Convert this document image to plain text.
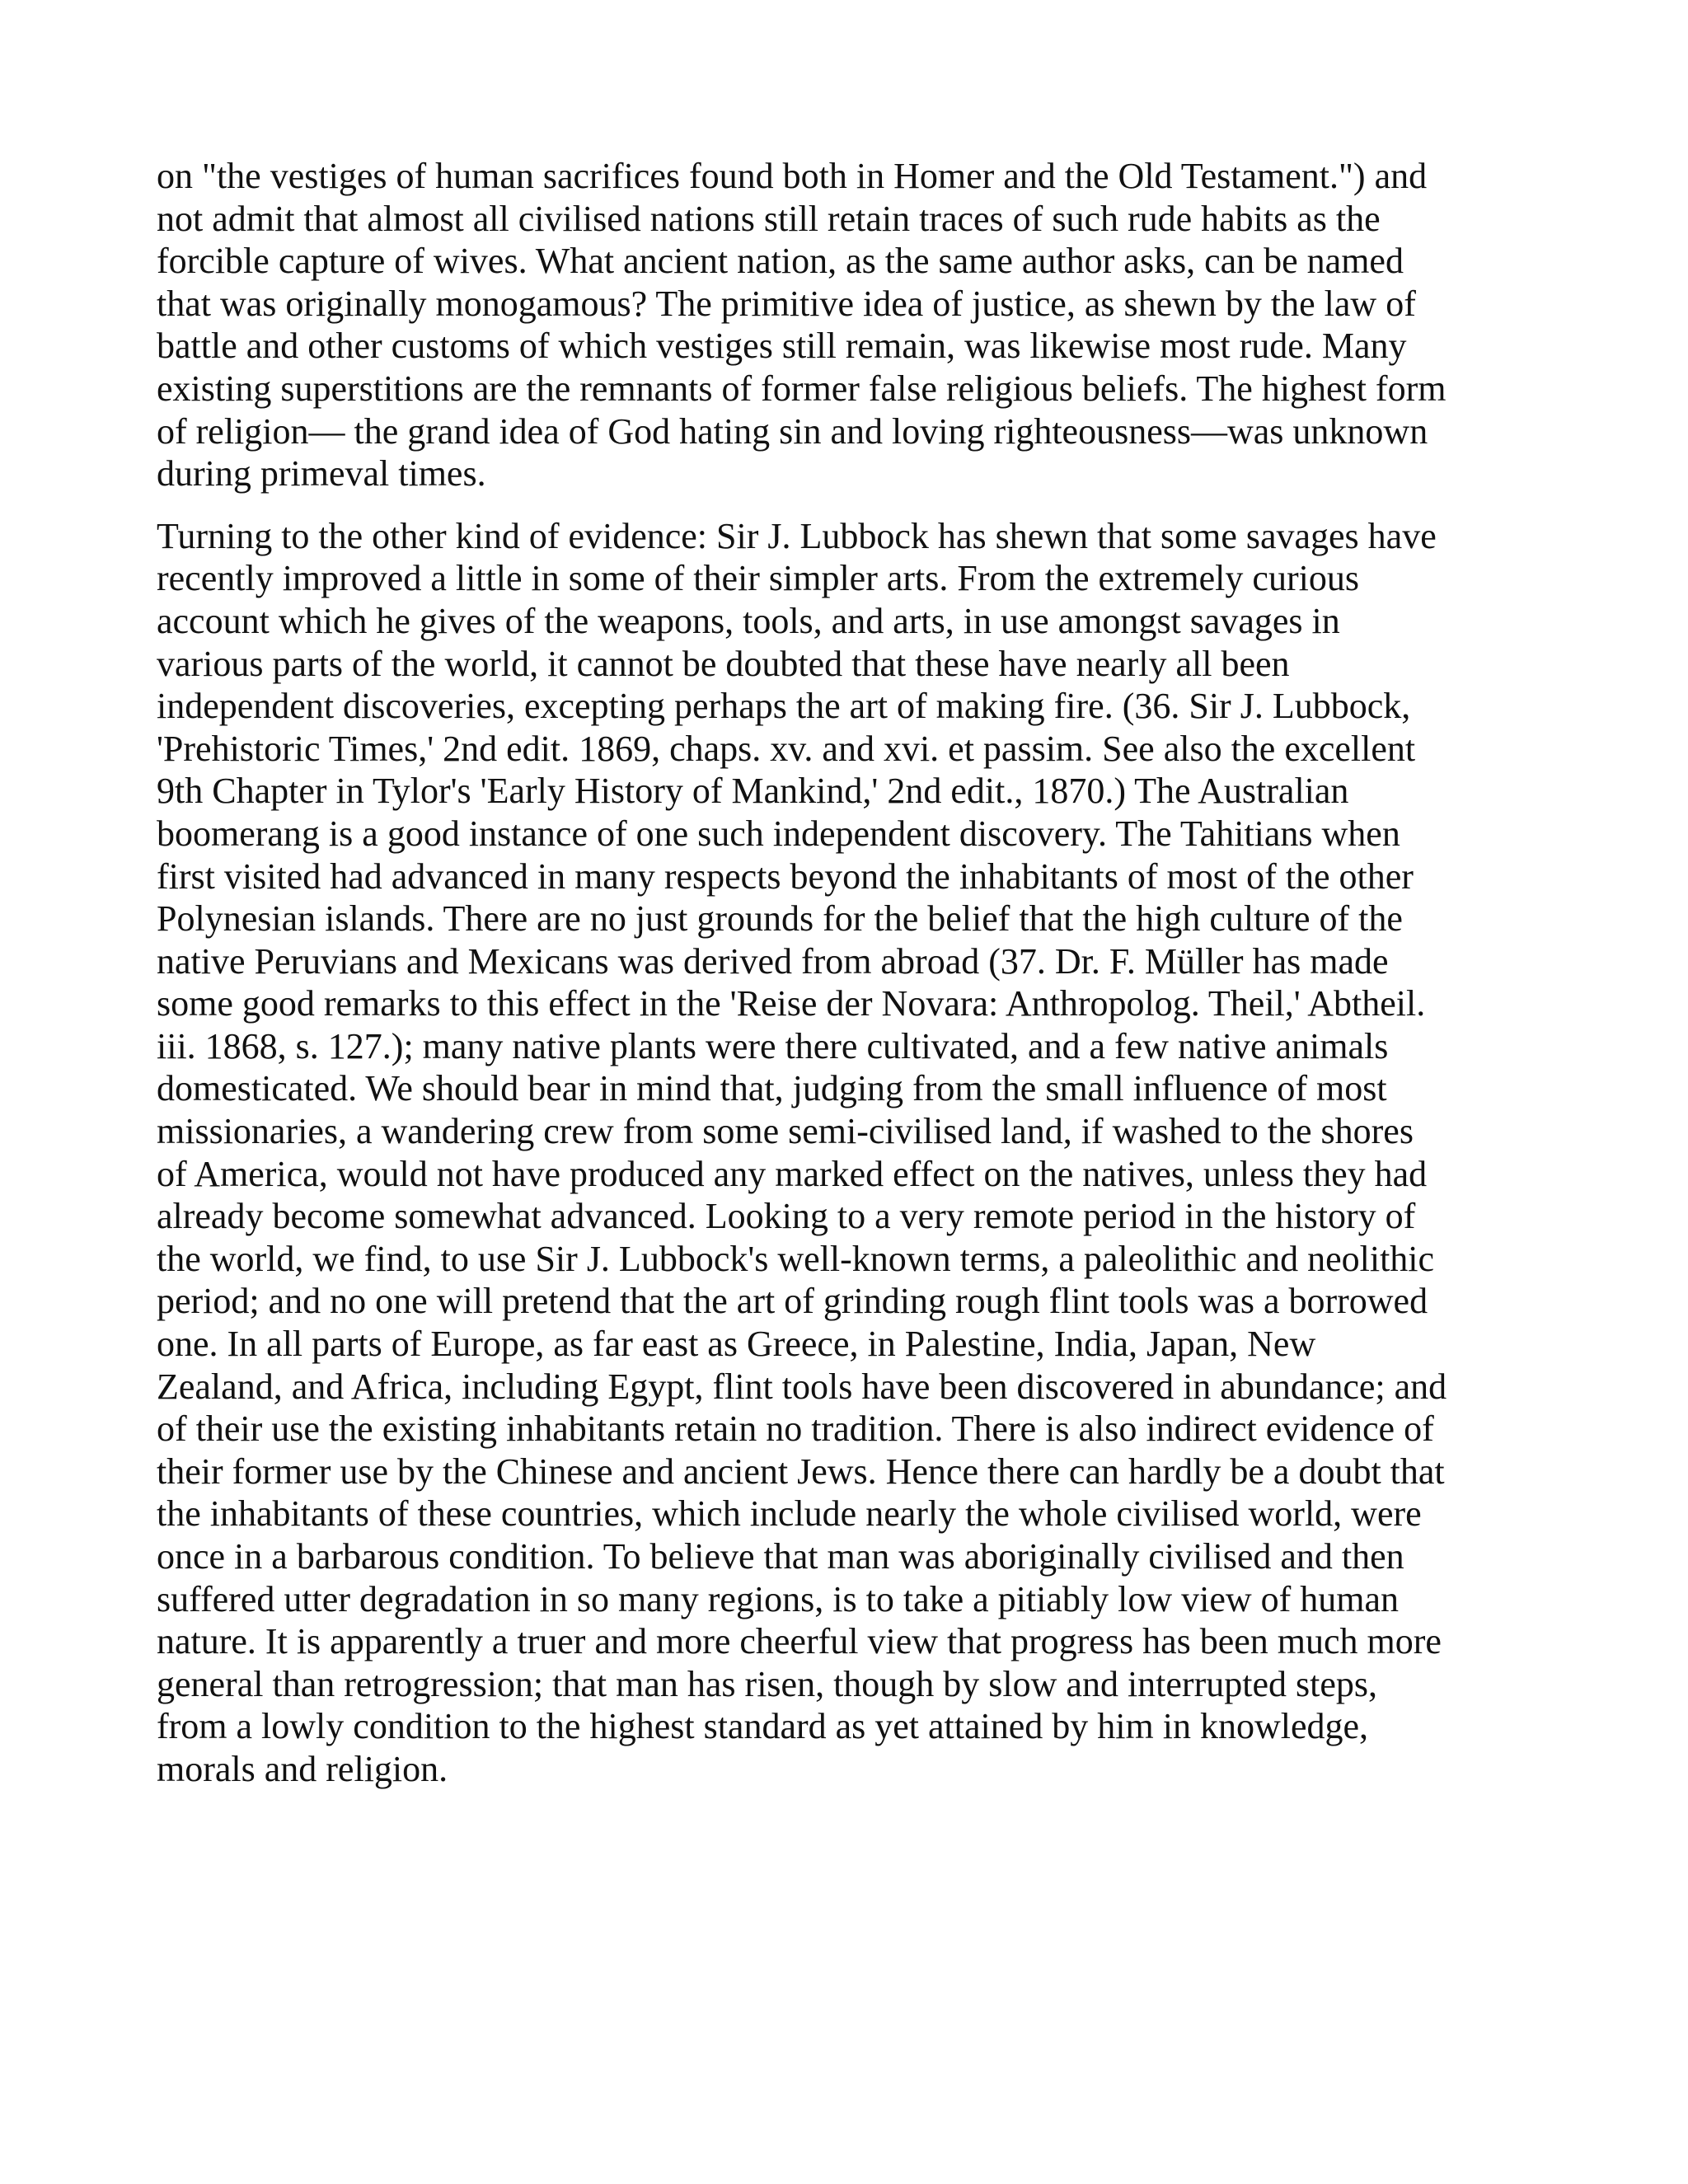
on "the vestiges of human sacrifices found both in Homer and the Old Testament.") and
not admit that almost all civilised nations still retain traces of such rude habits as the
forcible capture of wives. What ancient nation, as the same author asks, can be named
that was originally monogamous? The primitive idea of justice, as shewn by the law of
battle and other customs of which vestiges still remain, was likewise most rude. Many
existing superstitions are the remnants of former false religious beliefs. The highest form
of religion— the grand idea of God hating sin and loving righteousness—was unknown
during primeval times.

Turning to the other kind of evidence: Sir J. Lubbock has shewn that some savages have
recently improved a little in some of their simpler arts. From the extremely curious
account which he gives of the weapons, tools, and arts, in use amongst savages in
various parts of the world, it cannot be doubted that these have nearly all been
independent discoveries, excepting perhaps the art of making fire. (36. Sir J. Lubbock,
'Prehistoric Times,' 2nd edit. 1869, chaps. xv. and xvi. et passim. See also the excellent
9th Chapter in Tylor's 'Early History of Mankind,' 2nd edit., 1870.) The Australian
boomerang is a good instance of one such independent discovery. The Tahitians when
first visited had advanced in many respects beyond the inhabitants of most of the other
Polynesian islands. There are no just grounds for the belief that the high culture of the
native Peruvians and Mexicans was derived from abroad (37. Dr. F. Müller has made
some good remarks to this effect in the 'Reise der Novara: Anthropolog. Theil,' Abtheil.
iii. 1868, s. 127.); many native plants were there cultivated, and a few native animals
domesticated. We should bear in mind that, judging from the small influence of most
missionaries, a wandering crew from some semi-civilised land, if washed to the shores
of America, would not have produced any marked effect on the natives, unless they had
already become somewhat advanced. Looking to a very remote period in the history of
the world, we find, to use Sir J. Lubbock's well-known terms, a paleolithic and neolithic
period; and no one will pretend that the art of grinding rough flint tools was a borrowed
one. In all parts of Europe, as far east as Greece, in Palestine, India, Japan, New
Zealand, and Africa, including Egypt, flint tools have been discovered in abundance; and
of their use the existing inhabitants retain no tradition. There is also indirect evidence of
their former use by the Chinese and ancient Jews. Hence there can hardly be a doubt that
the inhabitants of these countries, which include nearly the whole civilised world, were
once in a barbarous condition. To believe that man was aboriginally civilised and then
suffered utter degradation in so many regions, is to take a pitiably low view of human
nature. It is apparently a truer and more cheerful view that progress has been much more
general than retrogression; that man has risen, though by slow and interrupted steps,
from a lowly condition to the highest standard as yet attained by him in knowledge,
morals and religion.
